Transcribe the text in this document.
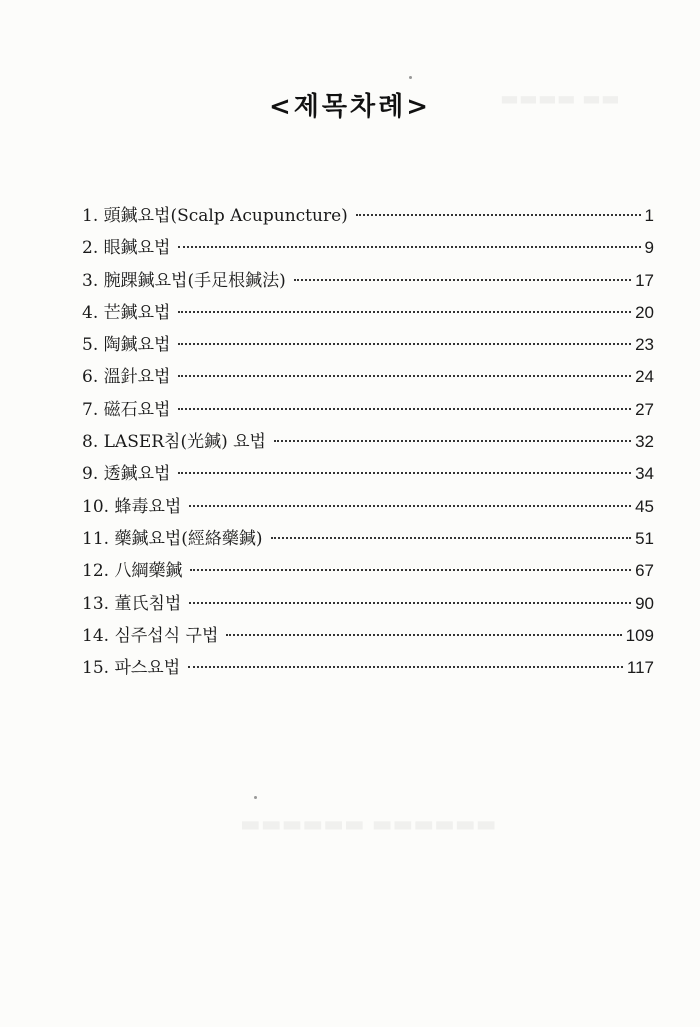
<제목차례>
1. 頭鍼요법(Scalp Acupuncture)	1
2. 眼鍼요법	9
3. 腕踝鍼요법(手足根鍼法)	17
4. 芒鍼요법	20
5. 陶鍼요법	23
6. 溫針요법	24
7. 磁石요법	27
8. LASER침(光鍼) 요법	32
9. 透鍼요법	34
10. 蜂毒요법	45
11. 藥鍼요법(經絡藥鍼)	51
12. 八綱藥鍼	67
13. 董氏침법	90
14. 심주섭식 구법	109
15. 파스요법	117
